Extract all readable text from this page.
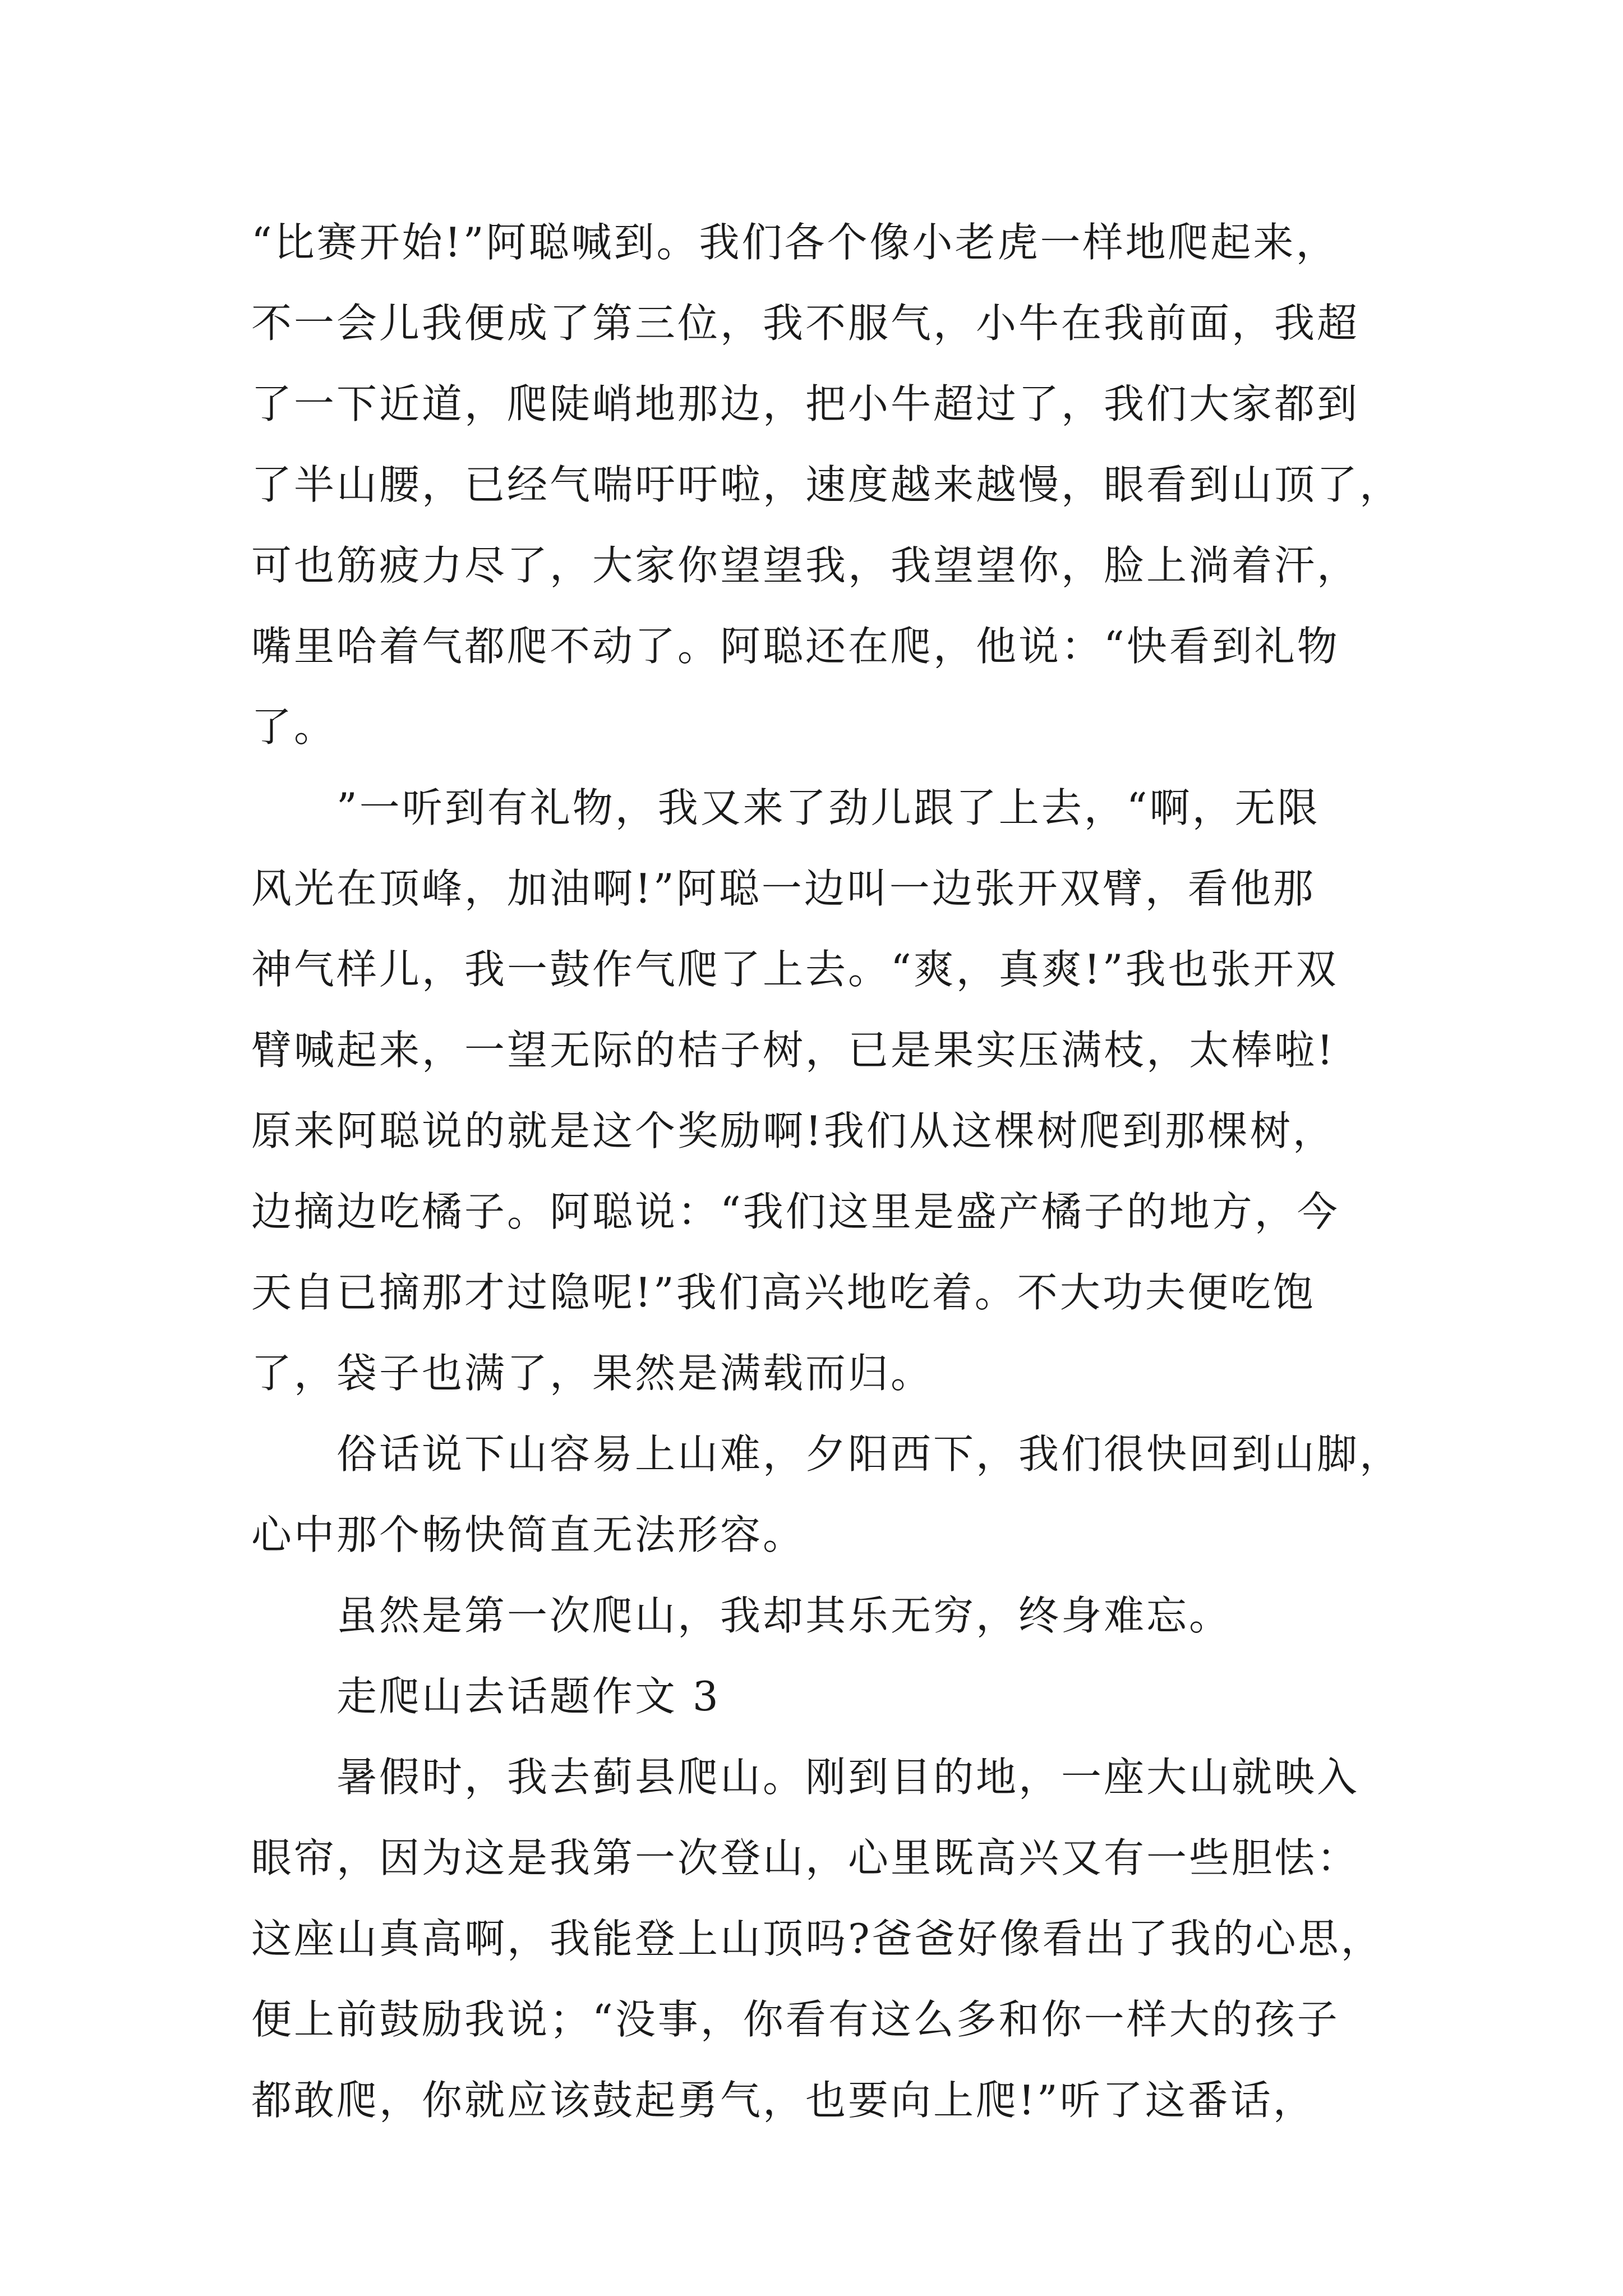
“比赛开始!”阿聪喊到。我们各个像小老虎一样地爬起来，
不一会儿我便成了第三位，我不服气，小牛在我前面，我超
了一下近道，爬陡峭地那边，把小牛超过了，我们大家都到
了半山腰，已经气喘吁吁啦，速度越来越慢，眼看到山顶了，
可也筋疲力尽了，大家你望望我，我望望你，脸上淌着汗，
嘴里哈着气都爬不动了。阿聪还在爬，他说：“快看到礼物
了。
　　”一听到有礼物，我又来了劲儿跟了上去，“啊，无限
风光在顶峰，加油啊!”阿聪一边叫一边张开双臂，看他那
神气样儿，我一鼓作气爬了上去。“爽，真爽!”我也张开双
臂喊起来，一望无际的桔子树，已是果实压满枝，太棒啦!
原来阿聪说的就是这个奖励啊!我们从这棵树爬到那棵树，
边摘边吃橘子。阿聪说：“我们这里是盛产橘子的地方，今
天自已摘那才过隐呢!”我们高兴地吃着。不大功夫便吃饱
了，袋子也满了，果然是满载而归。
　　俗话说下山容易上山难，夕阳西下，我们很快回到山脚，
心中那个畅快简直无法形容。
　　虽然是第一次爬山，我却其乐无穷，终身难忘。
　　走爬山去话题作文 3
　　暑假时，我去蓟县爬山。刚到目的地，一座大山就映入
眼帘，因为这是我第一次登山，心里既高兴又有一些胆怯：
这座山真高啊，我能登上山顶吗?爸爸好像看出了我的心思，
便上前鼓励我说；“没事，你看有这么多和你一样大的孩子
都敢爬，你就应该鼓起勇气，也要向上爬!”听了这番话，
